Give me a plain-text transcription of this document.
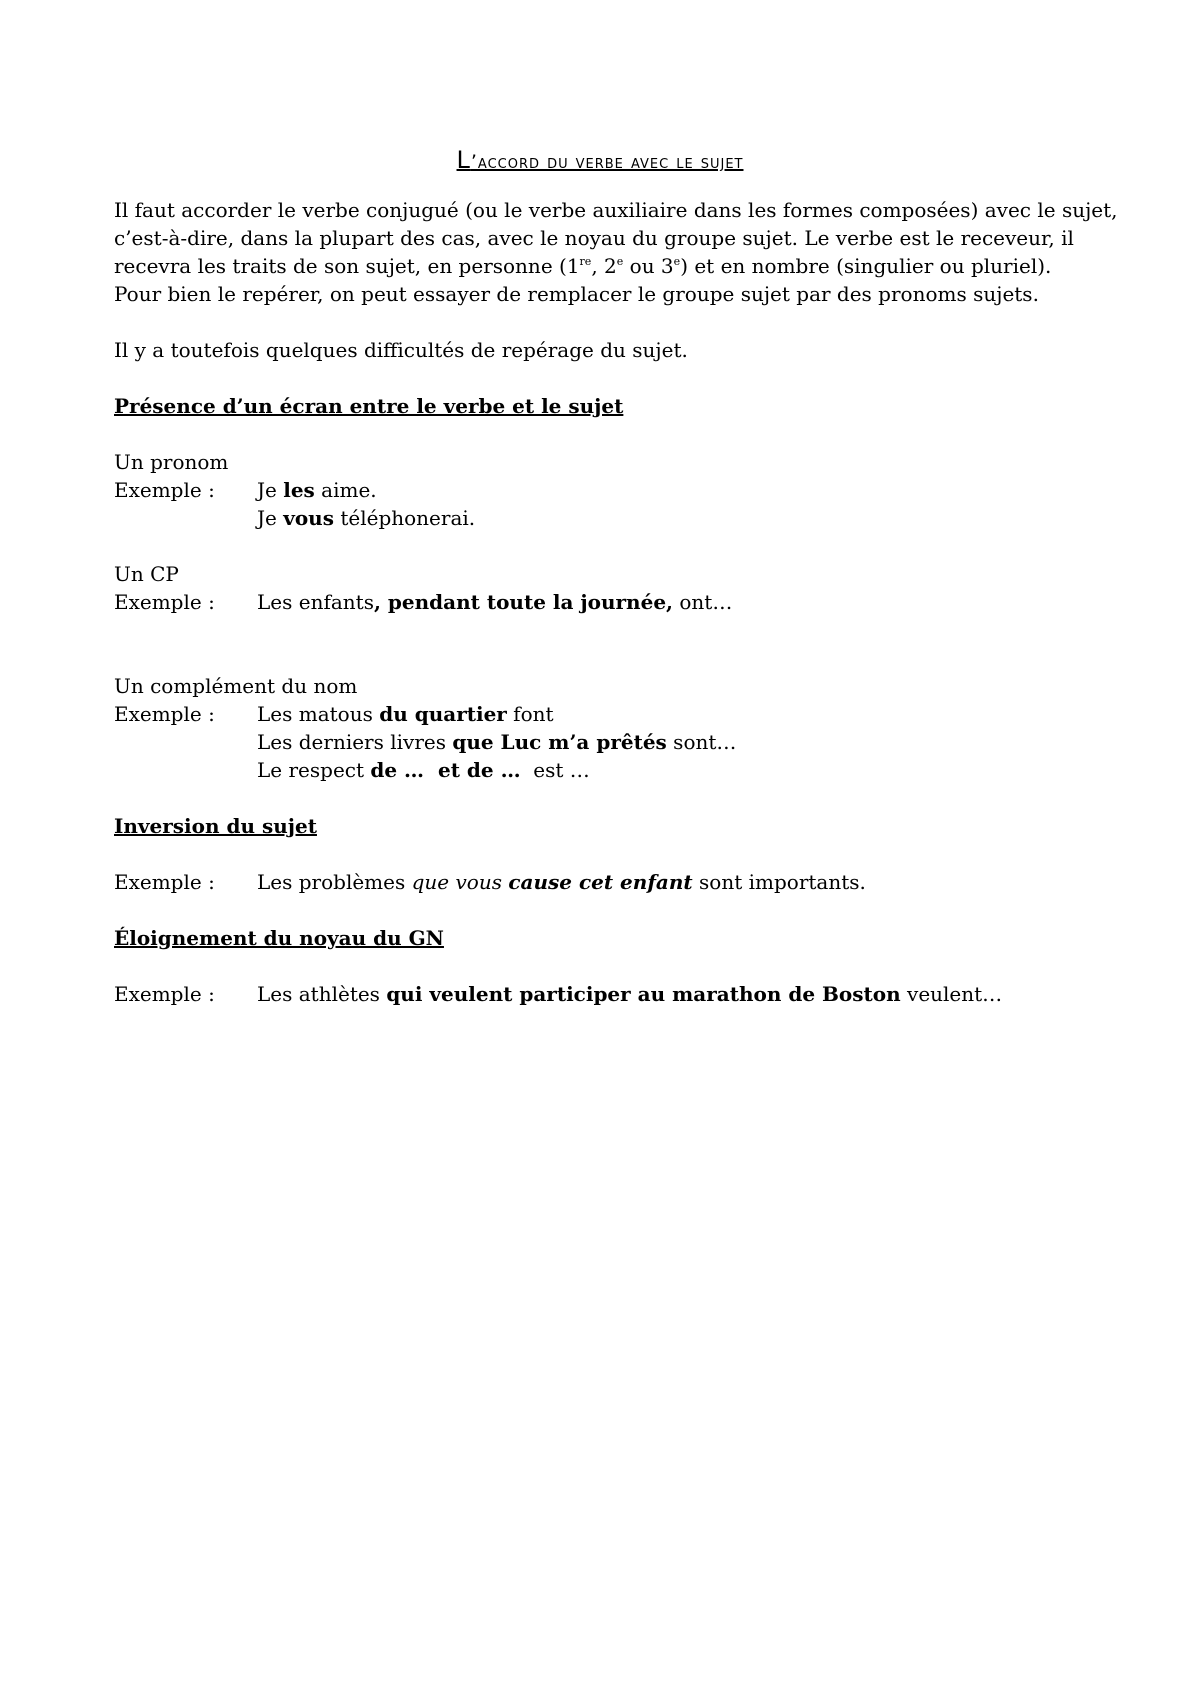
L’accord du verbe avec le sujet
Il faut accorder le verbe conjugué (ou le verbe auxiliaire dans les formes composées) avec le sujet,
c’est-à-dire, dans la plupart des cas, avec le noyau du groupe sujet. Le verbe est le receveur, il
recevra les traits de son sujet, en personne (1re, 2e ou 3e) et en nombre (singulier ou pluriel).
Pour bien le repérer, on peut essayer de remplacer le groupe sujet par des pronoms sujets.
Il y a toutefois quelques difficultés de repérage du sujet.
Présence d’un écran entre le verbe et le sujet
Un pronom
Exemple : Je les aime.
Je vous téléphonerai.
Un CP
Exemple : Les enfants, pendant toute la journée, ont…
Un complément du nom
Exemple : Les matous du quartier font
Les derniers livres que Luc m’a prêtés sont…
Le respect de …  et de …  est …
Inversion du sujet
Exemple : Les problèmes que vous cause cet enfant sont importants.
Éloignement du noyau du GN
Exemple : Les athlètes qui veulent participer au marathon de Boston veulent…
